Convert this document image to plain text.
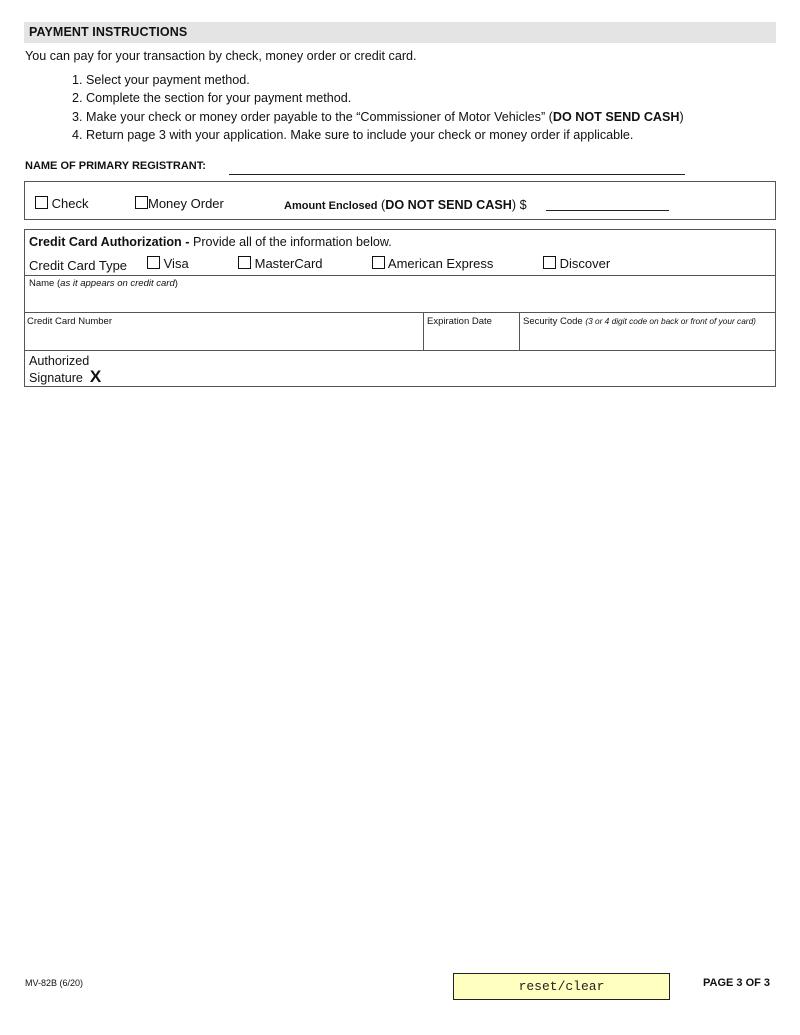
PAYMENT INSTRUCTIONS
You can pay for your transaction by check, money order or credit card.
1. Select your payment method.
2. Complete the section for your payment method.
3. Make your check or money order payable to the “Commissioner of Motor Vehicles” (DO NOT SEND CASH)
4. Return page 3 with your application. Make sure to include your check or money order if applicable.
NAME OF PRIMARY REGISTRANT:
Check	Money Order	Amount Enclosed (DO NOT SEND CASH) $
Credit Card Authorization - Provide all of the information below.
Credit Card Type	Visa	MasterCard	American Express	Discover
Name (as it appears on credit card)
Credit Card Number	Expiration Date	Security Code (3 or 4 digit code on back or front of your card)
Authorized
Signature X
MV-82B (6/20)	reset/clear	PAGE 3 OF 3
